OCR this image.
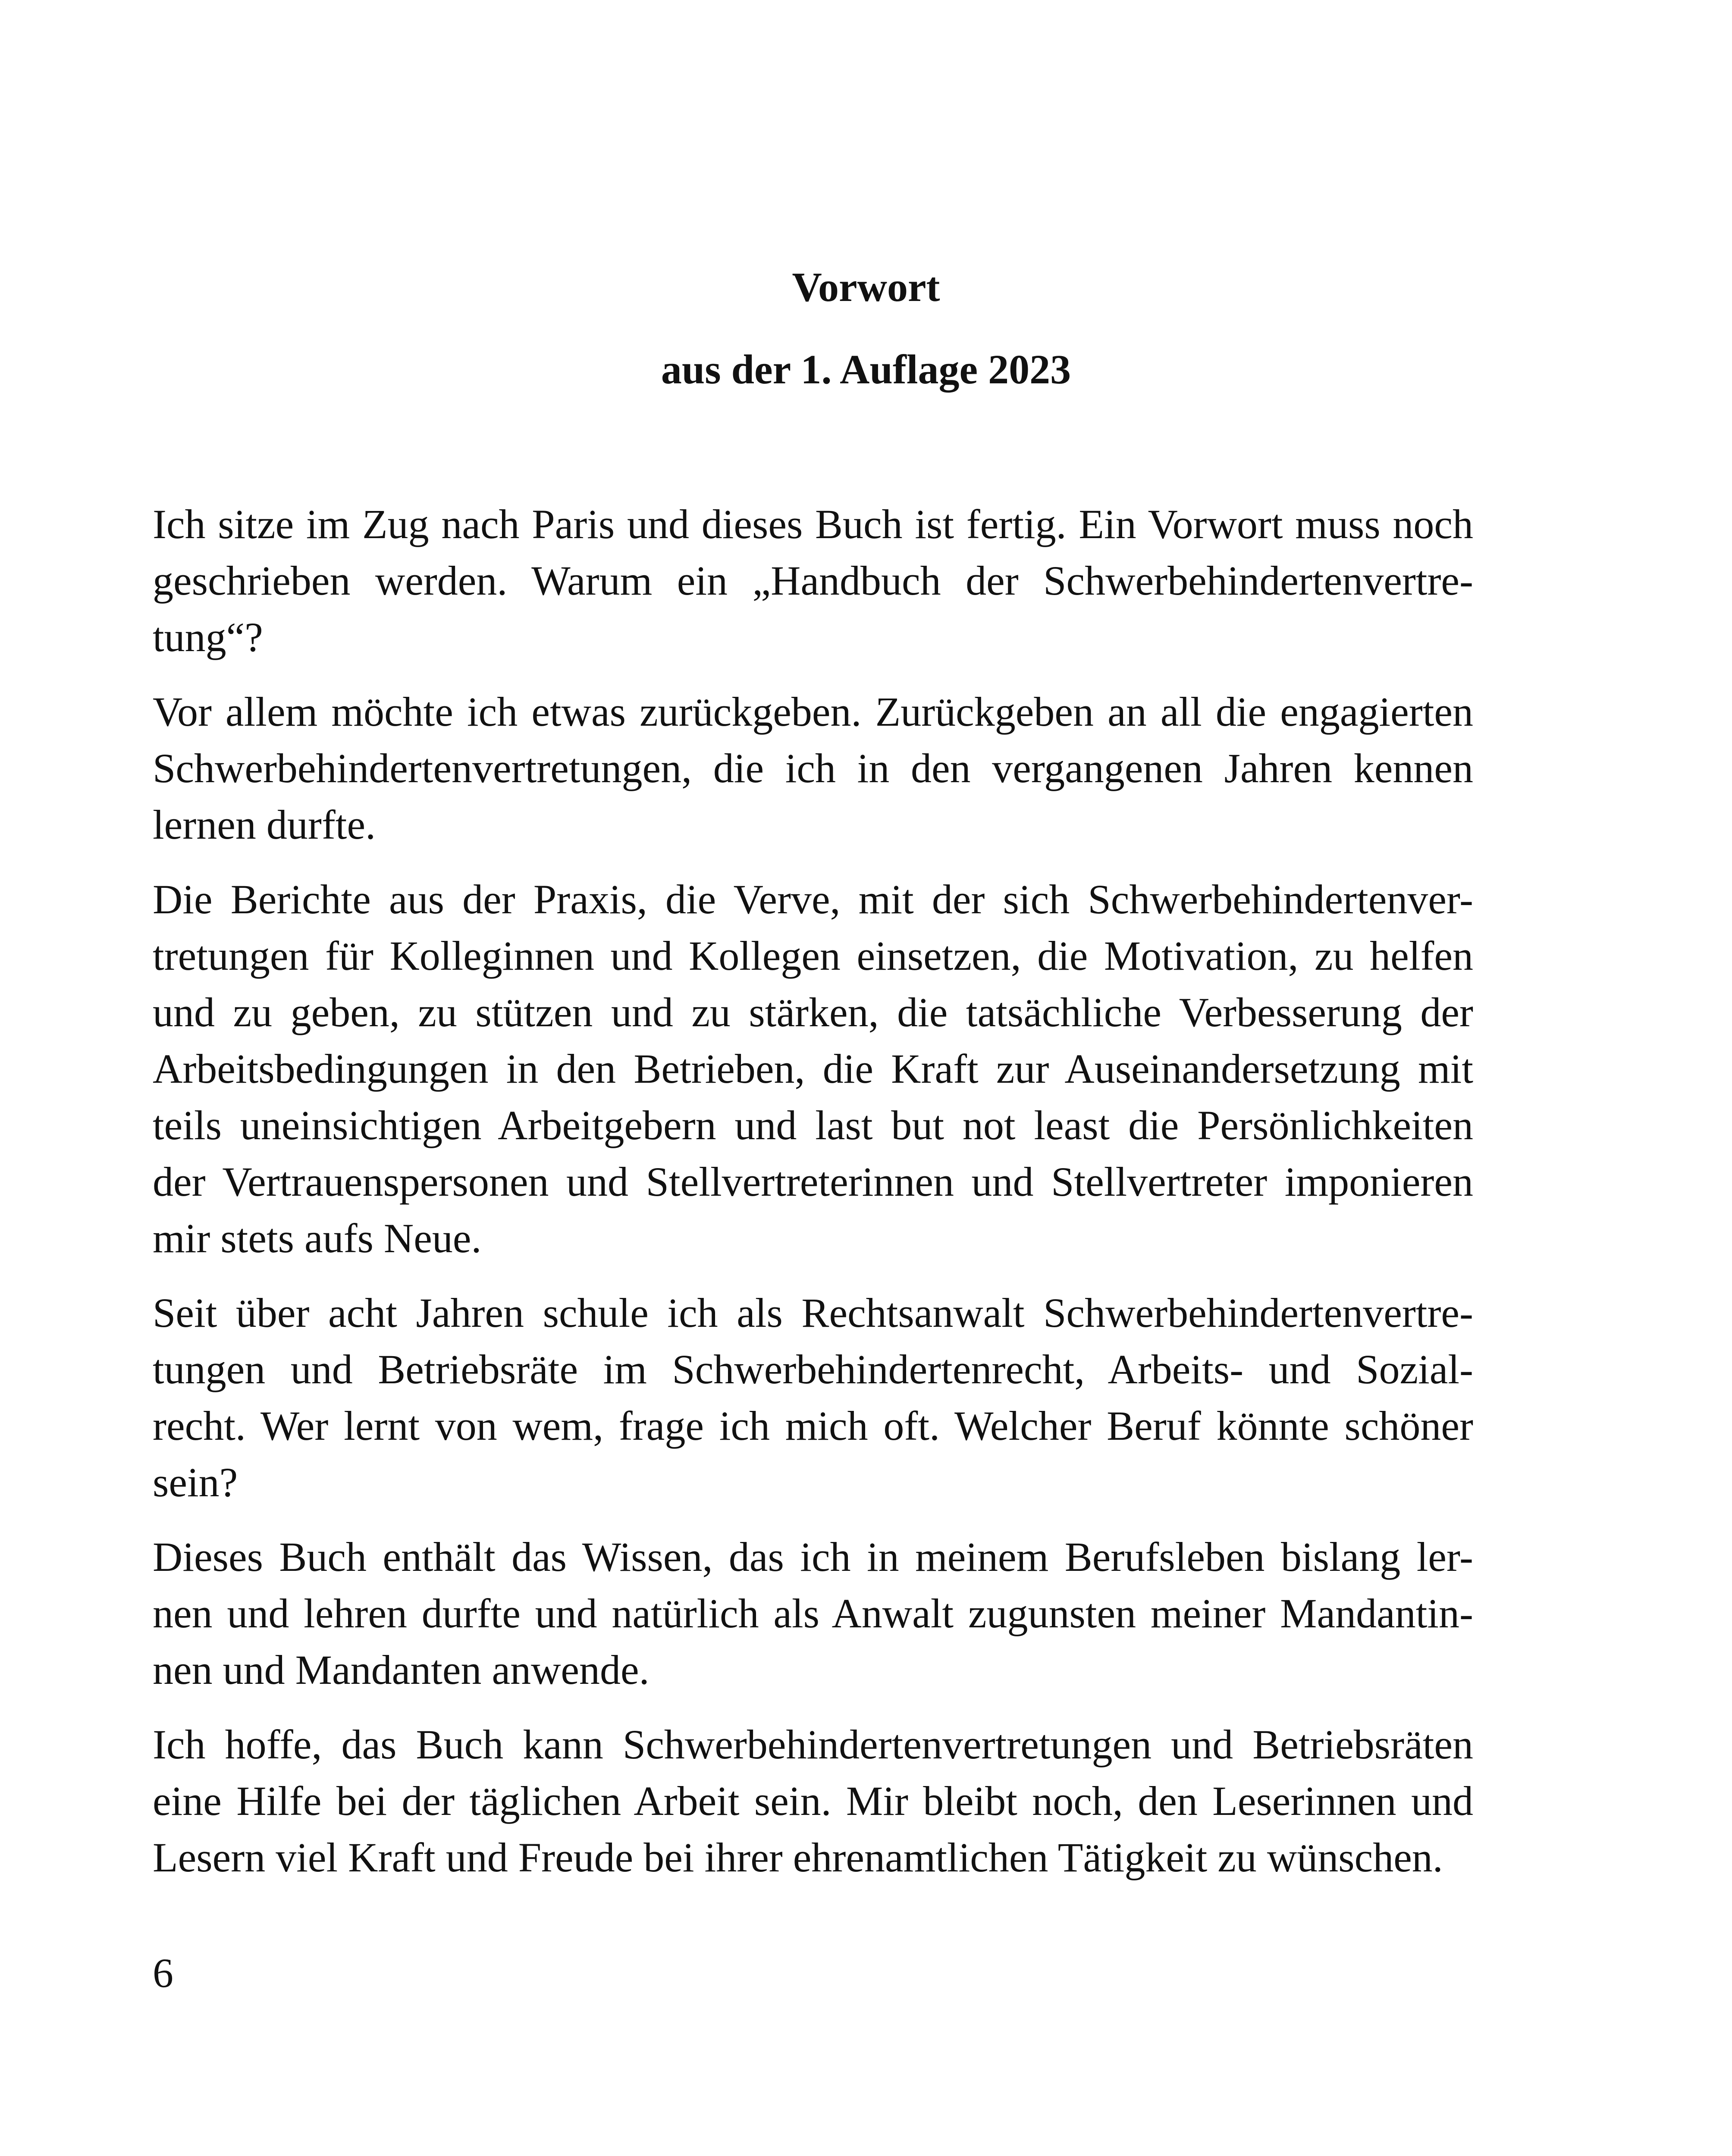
Vorwort
aus der 1. Auflage 2023

Ich sitze im Zug nach Paris und dieses Buch ist fertig. Ein Vorwort muss noch
geschrieben werden. Warum ein „Handbuch der Schwerbehindertenvertre-
tung“?

Vor allem möchte ich etwas zurückgeben. Zurückgeben an all die engagierten
Schwerbehindertenvertretungen, die ich in den vergangenen Jahren kennen
lernen durfte.

Die Berichte aus der Praxis, die Verve, mit der sich Schwerbehindertenver-
tretungen für Kolleginnen und Kollegen einsetzen, die Motivation, zu helfen
und zu geben, zu stützen und zu stärken, die tatsächliche Verbesserung der
Arbeitsbedingungen in den Betrieben, die Kraft zur Auseinandersetzung mit
teils uneinsichtigen Arbeitgebern und last but not least die Persönlichkeiten
der Vertrauenspersonen und Stellvertreterinnen und Stellvertreter imponieren
mir stets aufs Neue.

Seit über acht Jahren schule ich als Rechtsanwalt Schwerbehindertenvertre-
tungen und Betriebsräte im Schwerbehindertenrecht, Arbeits- und Sozial-
recht. Wer lernt von wem, frage ich mich oft. Welcher Beruf könnte schöner
sein?

Dieses Buch enthält das Wissen, das ich in meinem Berufsleben bislang ler-
nen und lehren durfte und natürlich als Anwalt zugunsten meiner Mandantin-
nen und Mandanten anwende.

Ich hoffe, das Buch kann Schwerbehindertenvertretungen und Betriebsräten
eine Hilfe bei der täglichen Arbeit sein. Mir bleibt noch, den Leserinnen und
Lesern viel Kraft und Freude bei ihrer ehrenamtlichen Tätigkeit zu wünschen.

6
